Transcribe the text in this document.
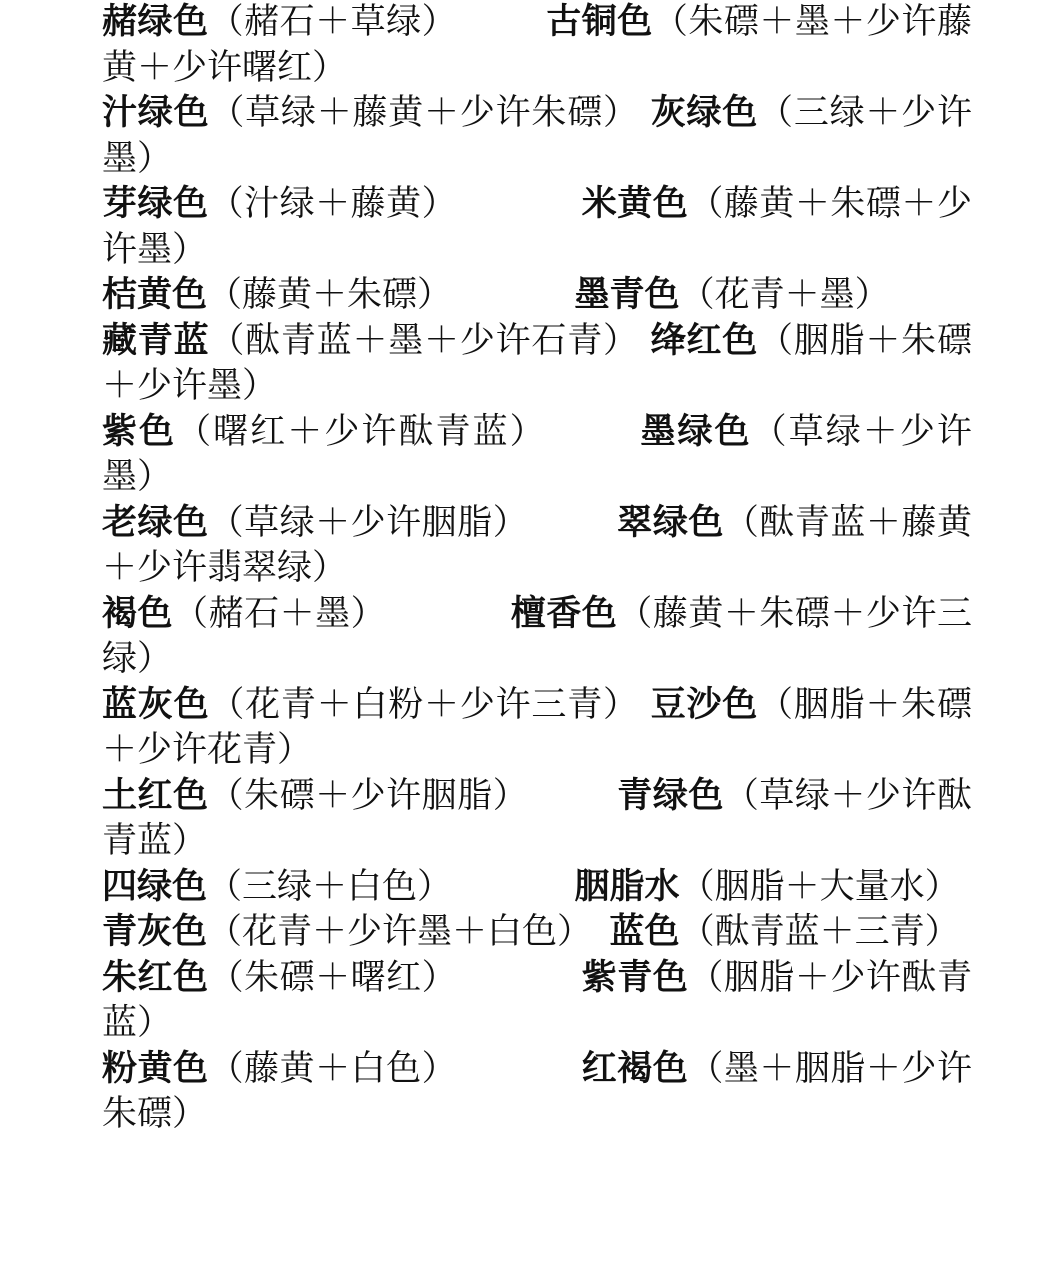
赭绿色（赭石＋草绿）　　　	古铜色（朱磦＋墨＋少许藤黄＋少许曙红）

汁绿色（草绿＋藤黄＋少许朱磦） 灰绿色（三绿＋少许墨）

芽绿色（汁绿＋藤黄）　　　　	米黄色（藤黄＋朱磦＋少许墨）

桔黄色（藤黄＋朱磦）　　　　	墨青色（花青＋墨）

藏青蓝（酞青蓝＋墨＋少许石青） 绛红色（胭脂＋朱磦＋少许墨）

紫色（曙红＋少许酞青蓝）　　　	墨绿色（草绿＋少许墨）

老绿色（草绿＋少许胭脂）　　　	翠绿色（酞青蓝＋藤黄＋少许翡翠绿）

褐色（赭石＋墨）　　　　	檀香色（藤黄＋朱磦＋少许三绿）

蓝灰色（花青＋白粉＋少许三青） 豆沙色（胭脂＋朱磦＋少许花青）

土红色（朱磦＋少许胭脂）　　　	青绿色（草绿＋少许酞青蓝）

四绿色（三绿＋白色）　　　　	胭脂水（胭脂＋大量水）

青灰色（花青＋少许墨＋白色）　 蓝色（酞青蓝＋三青）

朱红色（朱磦＋曙红）　　　　	紫青色（胭脂＋少许酞青蓝）

粉黄色（藤黄＋白色）　　　　	红褐色（墨＋胭脂＋少许朱磦）
